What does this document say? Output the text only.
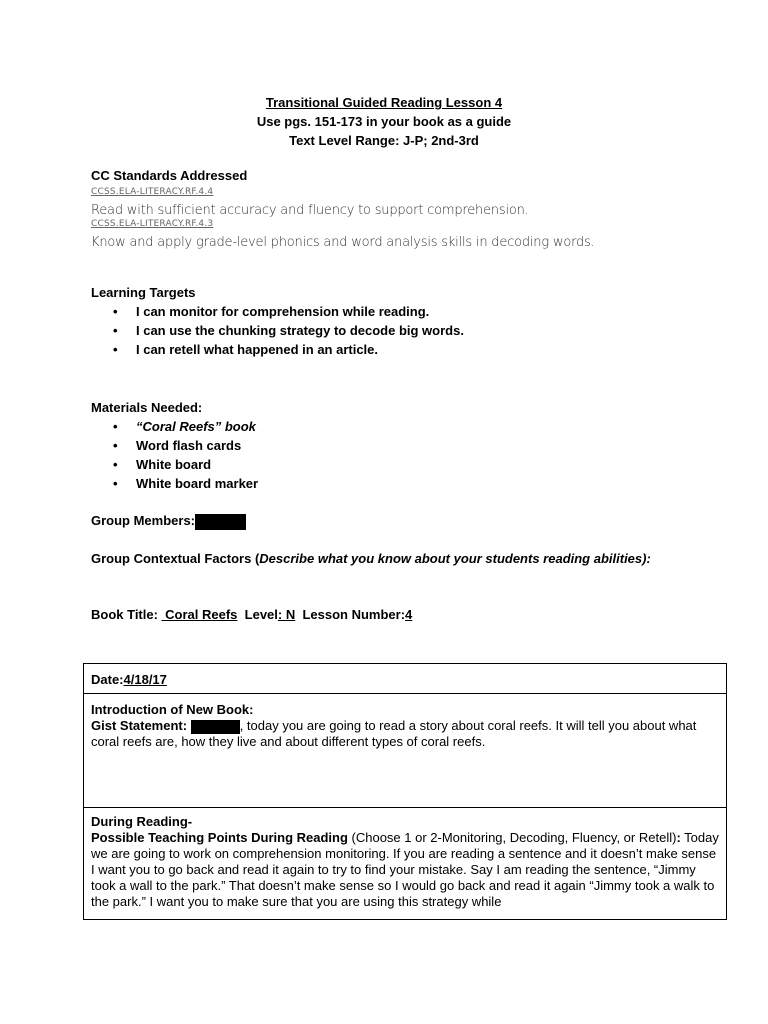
Transitional Guided Reading Lesson 4
Use pgs. 151-173 in your book as a guide
Text Level Range: J-P; 2nd-3rd
CC Standards Addressed
CCSS.ELA-LITERACY.RF.4.4
Read with sufficient accuracy and fluency to support comprehension.
CCSS.ELA-LITERACY.RF.4.3
Know and apply grade-level phonics and word analysis skills in decoding words.
Learning Targets
• I can monitor for comprehension while reading.
• I can use the chunking strategy to decode big words.
• I can retell what happened in an article.
Materials Needed:
• “Coral Reefs” book
• Word flash cards
• White board
• White board marker
Group Members:
Group Contextual Factors (Describe what you know about your students reading abilities):
Book Title:  Coral Reefs  Level: N  Lesson Number:4
Date:4/18/17
Introduction of New Book:
Gist Statement:	, today you are going to read a story about coral reefs. It will tell you about what coral reefs are, how they live and about different types of coral reefs.
During Reading-
Possible Teaching Points During Reading (Choose 1 or 2-Monitoring, Decoding, Fluency, or Retell): Today we are going to work on comprehension monitoring. If you are reading a sentence and it doesn’t make sense I want you to go back and read it again to try to find your mistake. Say I am reading the sentence, “Jimmy took a wall to the park.” That doesn’t make sense so I would go back and read it again “Jimmy took a walk to the park.” I want you to make sure that you are using this strategy while
